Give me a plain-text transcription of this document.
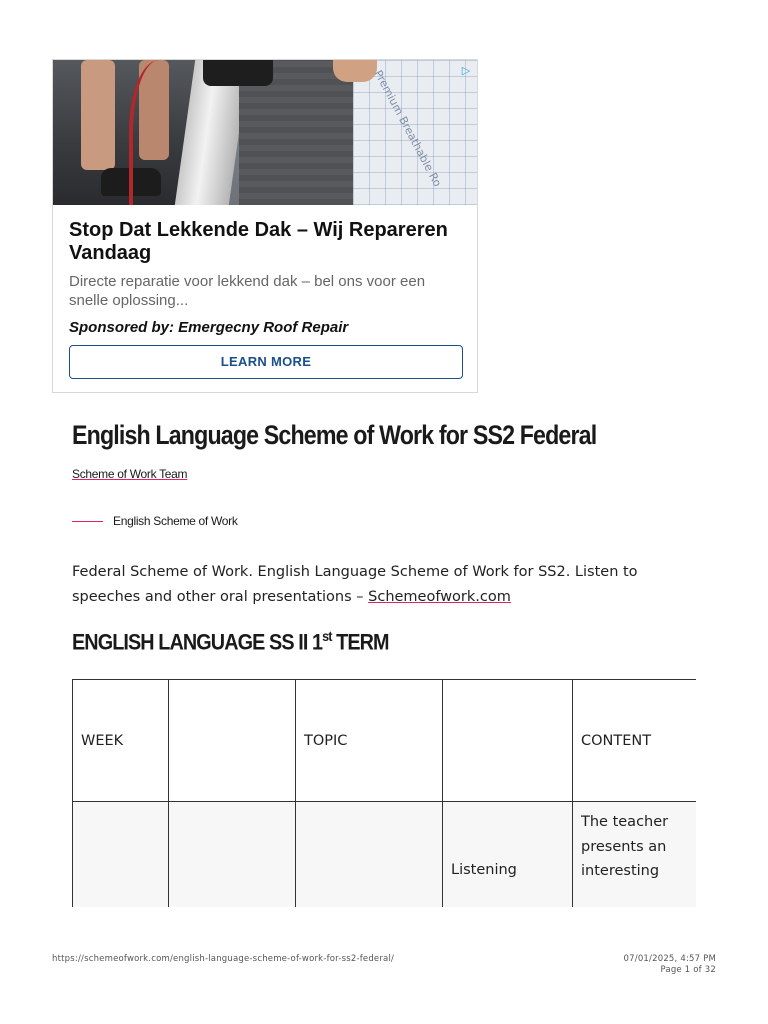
Premium Breathable Ro ▷
Stop Dat Lekkende Dak – Wij Repareren Vandaag
Directe reparatie voor lekkend dak – bel ons voor een snelle oplossing...
Sponsored by: Emergecny Roof Repair
LEARN MORE
English Language Scheme of Work for SS2 Federal
Scheme of Work Team
English Scheme of Work
Federal Scheme of Work. English Language Scheme of Work for SS2. Listen to speeches and other oral presentations – Schemeofwork.com
ENGLISH LANGUAGE SS II 1st TERM
WEEK		TOPIC		CONTENT
			Listening	The teacher presents an interesting
https://schemeofwork.com/english-language-scheme-of-work-for-ss2-federal/	07/01/2025, 4:57 PM
Page 1 of 32
